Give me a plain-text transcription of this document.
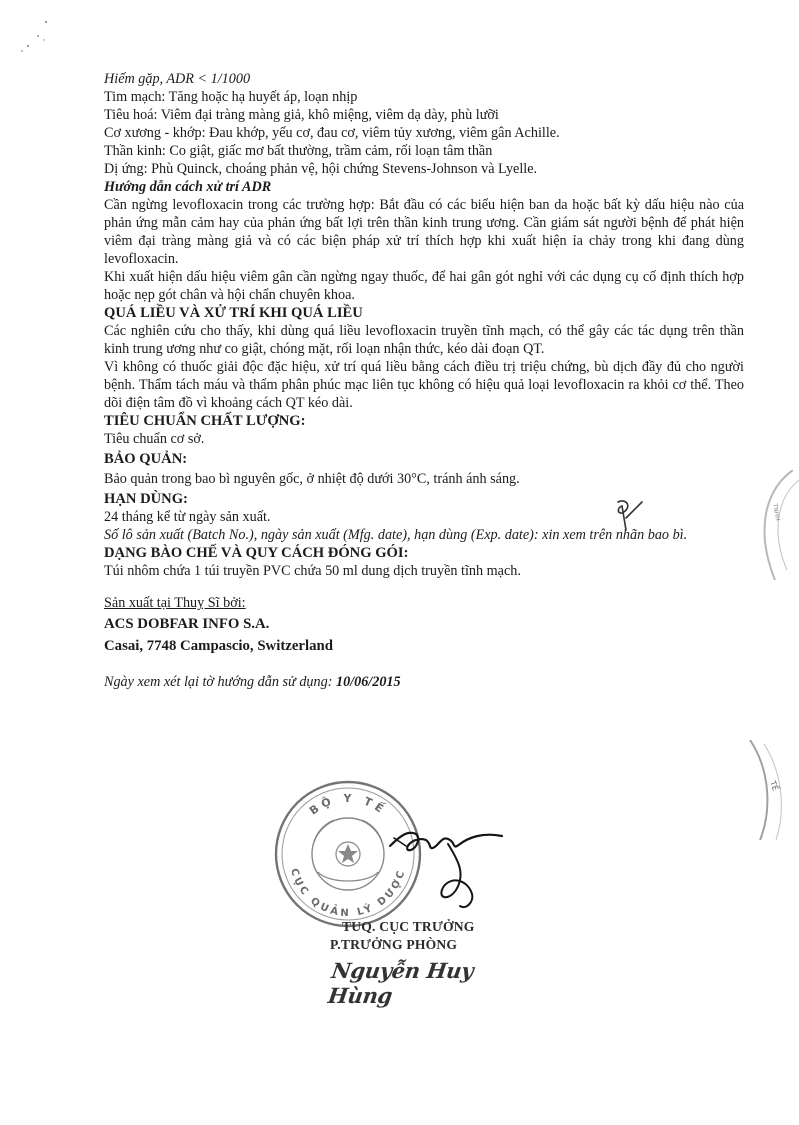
Hiếm gặp, ADR < 1/1000

Tim mạch: Tăng hoặc hạ huyết áp, loạn nhịp

Tiêu hoá: Viêm đại tràng màng giả, khô miệng, viêm dạ dày, phù lưỡi

Cơ xương - khớp: Đau khớp, yếu cơ, đau cơ, viêm tủy xương, viêm gân Achille.

Thần kinh: Co giật, giấc mơ bất thường, trầm cảm, rối loạn tâm thần

Dị ứng: Phù Quinck, choáng phản vệ, hội chứng Stevens-Johnson và Lyelle.

Hướng dẫn cách xử trí ADR

Cần ngừng levofloxacin trong các trường hợp: Bắt đầu có các biểu hiện ban da hoặc bất kỳ dấu hiệu nào của phản ứng mẫn cảm hay của phản ứng bất lợi trên thần kinh trung ương. Cần giám sát người bệnh để phát hiện viêm đại tràng màng giả và có các biện pháp xử trí thích hợp khi xuất hiện ỉa chảy trong khi đang dùng levofloxacin.

Khi xuất hiện dấu hiệu viêm gân cần ngừng ngay thuốc, để hai gân gót nghỉ với các dụng cụ cố định thích hợp hoặc nẹp gót chân và hội chẩn chuyên khoa.

QUÁ LIỀU VÀ XỬ TRÍ KHI QUÁ LIỀU

Các nghiên cứu cho thấy, khi dùng quá liều levofloxacin truyền tĩnh mạch, có thể gây các tác dụng trên thần kinh trung ương như co giật, chóng mặt, rối loạn nhận thức, kéo dài đoạn QT.

Vì không có thuốc giải độc đặc hiệu, xử trí quá liều bằng cách điều trị triệu chứng, bù dịch đầy đủ cho người bệnh. Thẩm tách máu và thẩm phân phúc mạc liên tục không có hiệu quả loại levofloxacin ra khỏi cơ thể. Theo dõi điện tâm đồ vì khoảng cách QT kéo dài.

TIÊU CHUẨN CHẤT LƯỢNG:

Tiêu chuẩn cơ sở.

BẢO QUẢN:

Bảo quản trong bao bì nguyên gốc, ở nhiệt độ dưới 30°C, tránh ánh sáng.

HẠN DÙNG:

24 tháng kể từ ngày sản xuất.

Số lô sản xuất (Batch No.), ngày sản xuất (Mfg. date), hạn dùng (Exp. date): xin xem trên nhãn bao bì.

DẠNG BÀO CHẾ VÀ QUY CÁCH ĐÓNG GÓI:

Túi nhôm chứa 1 túi truyền PVC chứa 50 ml dung dịch truyền tĩnh mạch.

Sản xuất tại Thuỵ Sĩ bởi:

ACS DOBFAR INFO S.A.

Casai, 7748 Campascio, Switzerland

Ngày xem xét lại tờ hướng dẫn sử dụng: 10/06/2015

TNHH
TẾ
BỘ Y TẾ
CỤC QUẢN LÝ DƯỢC
TUQ. CỤC TRƯỞNG
P.TRƯỞNG PHÒNG
Nguyễn Huy Hùng
